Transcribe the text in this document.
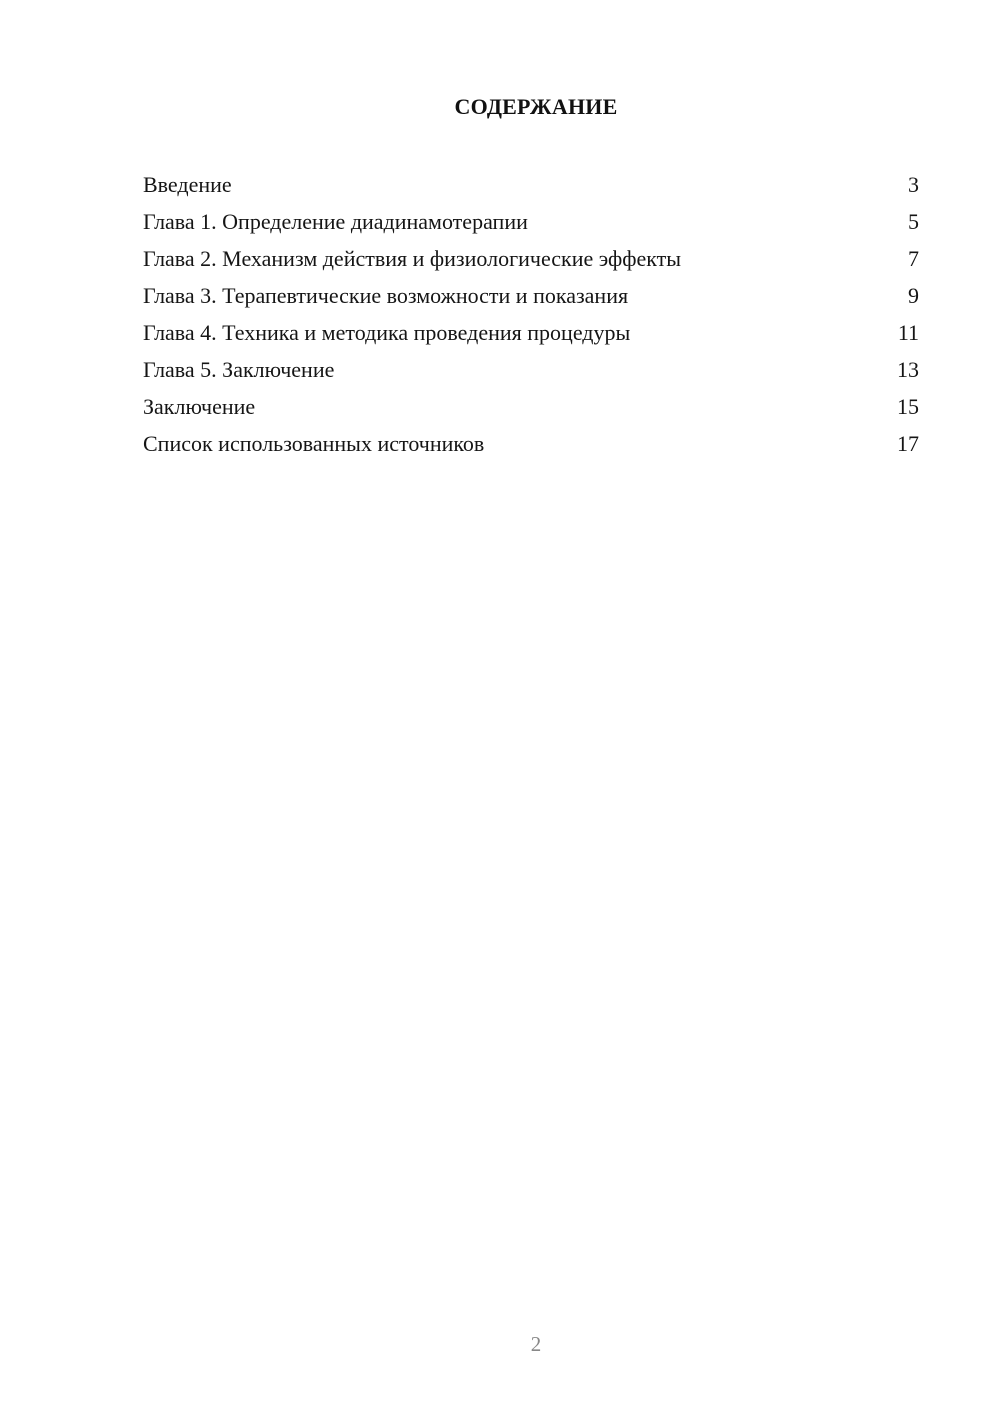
СОДЕРЖАНИЕ
Введение	3
Глава 1. Определение диадинамотерапии	5
Глава 2. Механизм действия и физиологические эффекты	7
Глава 3. Терапевтические возможности и показания	9
Глава 4. Техника и методика проведения процедуры	11
Глава 5. Заключение	13
Заключение	15
Список использованных источников	17
2
